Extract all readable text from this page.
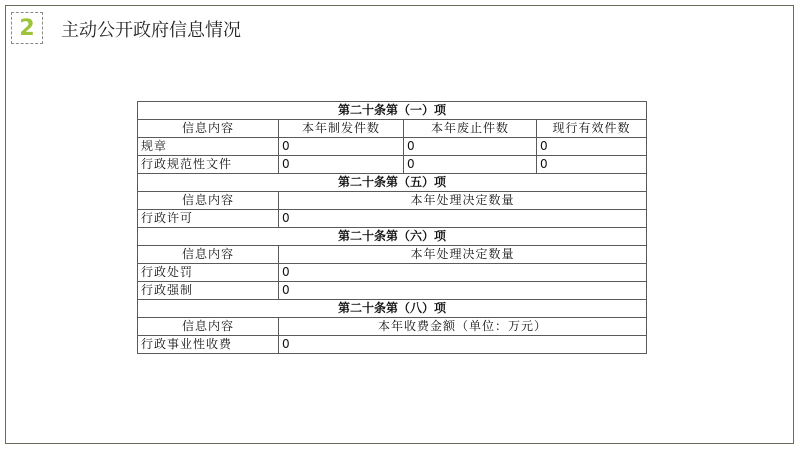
2 主动公开政府信息情况
第二十条第（一）项			
信息内容	本年制发件数	本年废止件数	现行有效件数
规章	0	0	0
行政规范性文件	0	0	0
第二十条第（五）项			
信息内容	本年处理决定数量		
行政许可	0		
第二十条第（六）项			
信息内容	本年处理决定数量		
行政处罚	0		
行政强制	0		
第二十条第（八）项			
信息内容	本年收费金额（单位：万元）		
行政事业性收费	0		
